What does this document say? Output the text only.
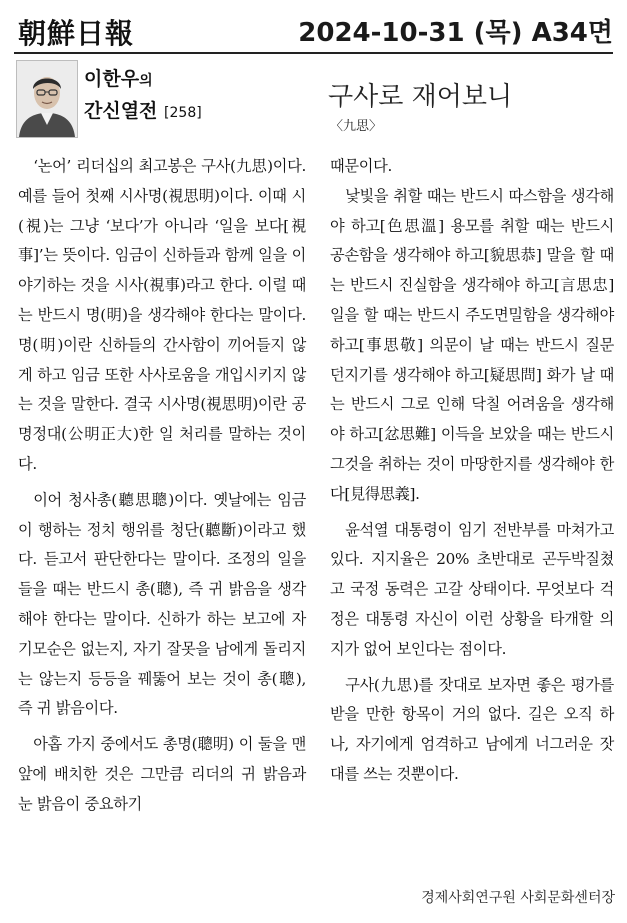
朝鮮日報	2024-10-31 (목) A34면
이한우의
간신열전 [258]
구사로 재어보니
〈九思〉

‘논어’ 리더십의 최고봉은 구사(九思)이다. 예를 들어 첫째 시사명(視思明)이다. 이때 시(視)는 그냥 ‘보다’가 아니라 ‘일을 보다[視事]’는 뜻이다. 임금이 신하들과 함께 일을 이야기하는 것을 시사(視事)라고 한다. 이럴 때는 반드시 명(明)을 생각해야 한다는 말이다. 명(明)이란 신하들의 간사함이 끼어들지 않게 하고 임금 또한 사사로움을 개입시키지 않는 것을 말한다. 결국 시사명(視思明)이란 공명정대(公明正大)한 일 처리를 말하는 것이다.

이어 청사총(聽思聰)이다. 옛날에는 임금이 행하는 정치 행위를 청단(聽斷)이라고 했다. 듣고서 판단한다는 말이다. 조정의 일을 들을 때는 반드시 총(聰), 즉 귀 밝음을 생각해야 한다는 말이다. 신하가 하는 보고에 자기모순은 없는지, 자기 잘못을 남에게 돌리지는 않는지 등등을 꿰뚫어 보는 것이 총(聰), 즉 귀 밝음이다.

아홉 가지 중에서도 총명(聰明) 이 둘을 맨 앞에 배치한 것은 그만큼 리더의 귀 밝음과 눈 밝음이 중요하기

때문이다.

낯빛을 취할 때는 반드시 따스함을 생각해야 하고[色思溫] 용모를 취할 때는 반드시 공손함을 생각해야 하고[貌思恭] 말을 할 때는 반드시 진실함을 생각해야 하고[言思忠] 일을 할 때는 반드시 주도면밀함을 생각해야 하고[事思敬] 의문이 날 때는 반드시 질문 던지기를 생각해야 하고[疑思問] 화가 날 때는 반드시 그로 인해 닥칠 어려움을 생각해야 하고[忿思難] 이득을 보았을 때는 반드시 그것을 취하는 것이 마땅한지를 생각해야 한다[見得思義].

윤석열 대통령이 임기 전반부를 마쳐가고 있다. 지지율은 20% 초반대로 곤두박질쳤고 국정 동력은 고갈 상태이다. 무엇보다 걱정은 대통령 자신이 이런 상황을 타개할 의지가 없어 보인다는 점이다.

구사(九思)를 잣대로 보자면 좋은 평가를 받을 만한 항목이 거의 없다. 길은 오직 하나, 자기에게 엄격하고 남에게 너그러운 잣대를 쓰는 것뿐이다.

경제사회연구원 사회문화센터장
